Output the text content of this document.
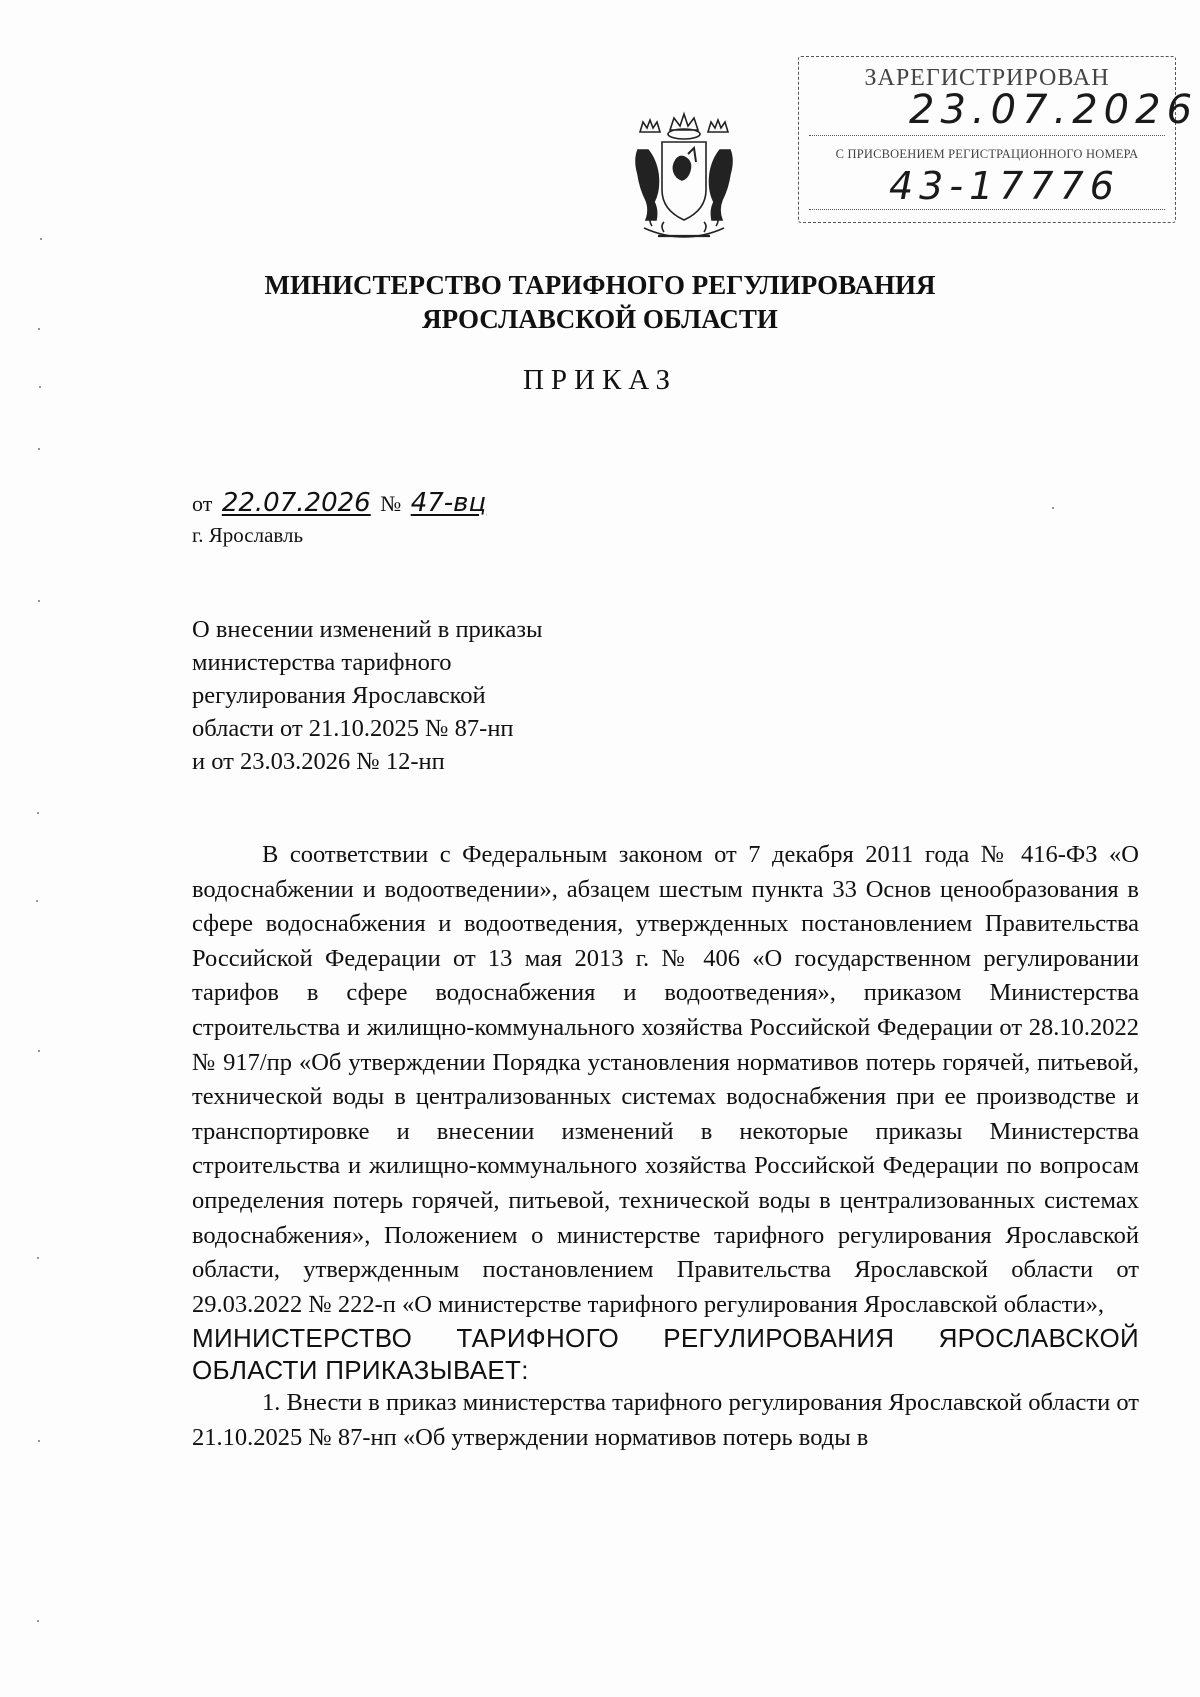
ЗАРЕГИСТРИРОВАН
23.07.2026
С ПРИСВОЕНИЕМ РЕГИСТРАЦИОННОГО НОМЕРА
43-17776
МИНИСТЕРСТВО ТАРИФНОГО РЕГУЛИРОВАНИЯ
ЯРОСЛАВСКОЙ ОБЛАСТИ
ПРИКАЗ
от 22.07.2026 № 47-вц
г. Ярославль
О внесении изменений в приказы
министерства тарифного
регулирования Ярославской
области от 21.10.2025 № 87-нп
и от 23.03.2026 № 12-нп

В соответствии с Федеральным законом от 7 декабря 2011 года № 416-ФЗ «О водоснабжении и водоотведении», абзацем шестым пункта 33 Основ ценообразования в сфере водоснабжения и водоотведения, утвержденных постановлением Правительства Российской Федерации от 13 мая 2013 г. № 406 «О государственном регулировании тарифов в сфере водоснабжения и водоотведения», приказом Министерства строительства и жилищно-коммунального хозяйства Российской Федерации от 28.10.2022 № 917/пр «Об утверждении Порядка установления нормативов потерь горячей, питьевой, технической воды в централизованных системах водоснабжения при ее производстве и транспортировке и внесении изменений в некоторые приказы Министерства строительства и жилищно-коммунального хозяйства Российской Федерации по вопросам определения потерь горячей, питьевой, технической воды в централизованных системах водоснабжения», Положением о министерстве тарифного регулирования Ярославской области, утвержденным постановлением Правительства Ярославской области от 29.03.2022 № 222-п «О министерстве тарифного регулирования Ярославской области»,

МИНИСТЕРСТВО ТАРИФНОГО РЕГУЛИРОВАНИЯ ЯРОСЛАВСКОЙ ОБЛАСТИ ПРИКАЗЫВАЕТ:

1. Внести в приказ министерства тарифного регулирования Ярославской области от 21.10.2025 № 87-нп «Об утверждении нормативов потерь воды в
